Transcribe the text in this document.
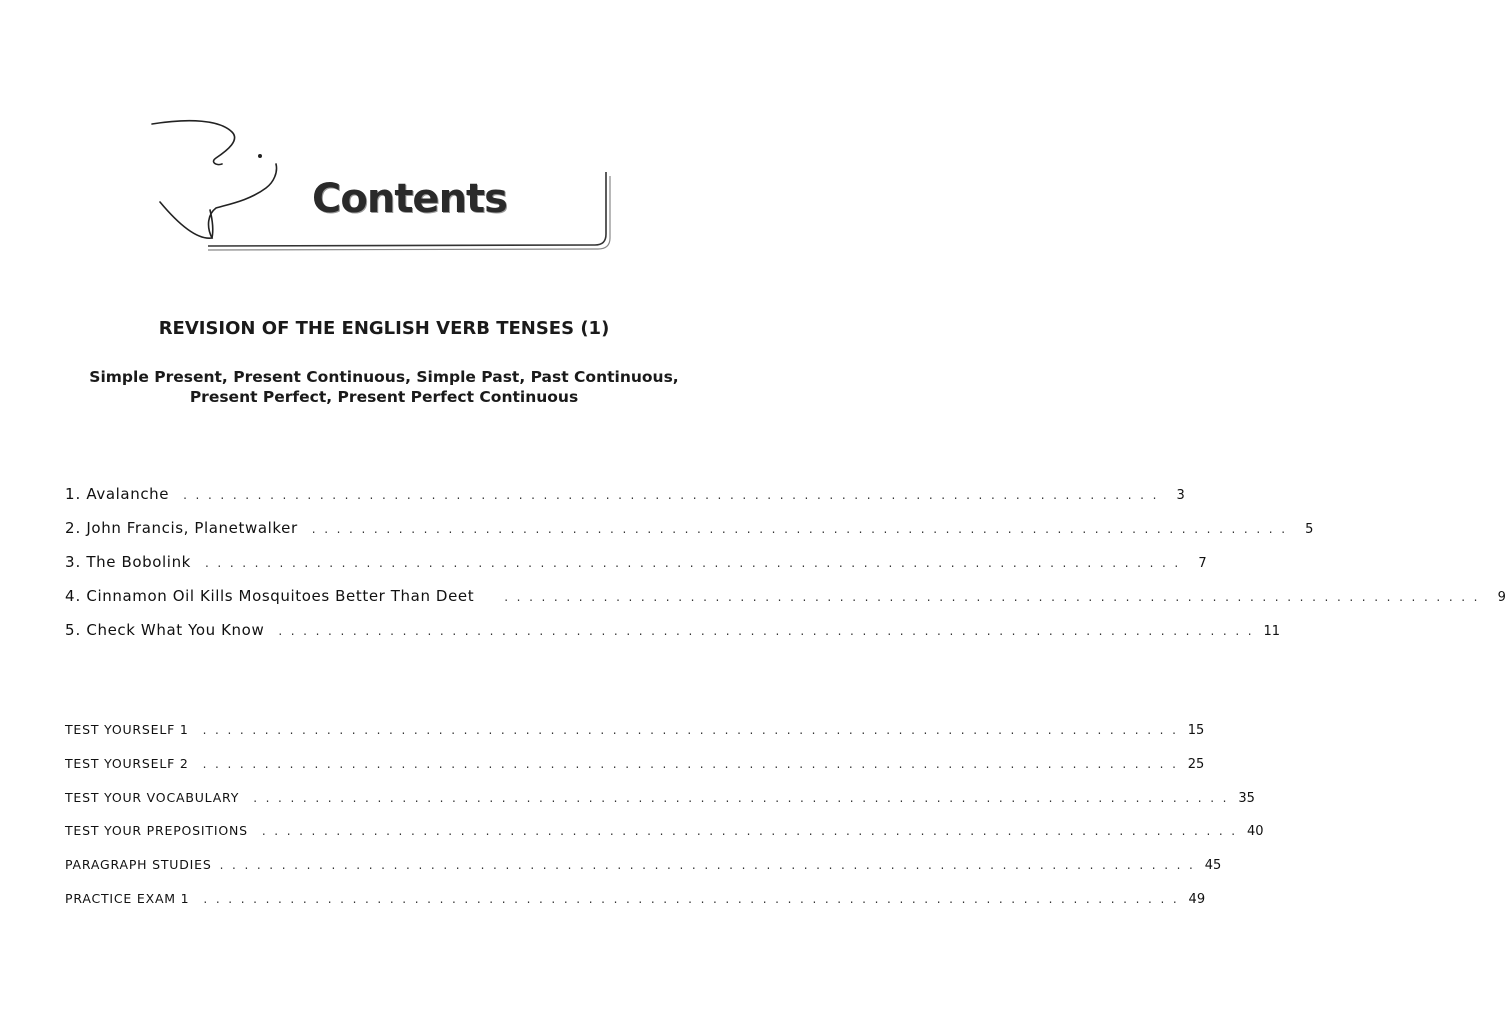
Contents
REVISION OF THE ENGLISH VERB TENSES (1)
Simple Present, Present Continuous, Simple Past, Past Continuous,
Present Perfect, Present Perfect Continuous
1.
Avalanche . . . . . . . . . . . . . . . . . . . . . . . . . . . . . . . . . . . . . . . . . . . . . . . . . . . . . . . . . . . . . . . . . . . . . . . . . . . . . . .	3
2.
John Francis, Planetwalker . . . . . . . . . . . . . . . . . . . . . . . . . . . . . . . . . . . . . . . . . . . . . . . . . . . . . . . . . . . . . . . . . . . . . . . . . . . . . . .	5
3.
The Bobolink . . . . . . . . . . . . . . . . . . . . . . . . . . . . . . . . . . . . . . . . . . . . . . . . . . . . . . . . . . . . . . . . . . . . . . . . . . . . . . .	7
4.
Cinnamon Oil Kills Mosquitoes Better Than Deet	. . . . . . . . . . . . . . . . . . . . . . . . . . . . . . . . . . . . . . . . . . . . . . . . . . . . . . . . . . . . . . . . . . . . . . . . . . . . . . .	9
5.
Check What You Know . . . . . . . . . . . . . . . . . . . . . . . . . . . . . . . . . . . . . . . . . . . . . . . . . . . . . . . . . . . . . . . . . . . . . . . . . . . . . . . 11
TEST YOURSELF 1 . . . . . . . . . . . . . . . . . . . . . . . . . . . . . . . . . . . . . . . . . . . . . . . . . . . . . . . . . . . . . . . . . . . . . . . . . . . . . . . 15
TEST YOURSELF 2 . . . . . . . . . . . . . . . . . . . . . . . . . . . . . . . . . . . . . . . . . . . . . . . . . . . . . . . . . . . . . . . . . . . . . . . . . . . . . . . 25
TEST YOUR VOCABULARY . . . . . . . . . . . . . . . . . . . . . . . . . . . . . . . . . . . . . . . . . . . . . . . . . . . . . . . . . . . . . . . . . . . . . . . . . . . . . . . 35
TEST YOUR PREPOSITIONS . . . . . . . . . . . . . . . . . . . . . . . . . . . . . . . . . . . . . . . . . . . . . . . . . . . . . . . . . . . . . . . . . . . . . . . . . . . . . . . 40
PARAGRAPH STUDIES . . . . . . . . . . . . . . . . . . . . . . . . . . . . . . . . . . . . . . . . . . . . . . . . . . . . . . . . . . . . . . . . . . . . . . . . . . . . . . . 45
PRACTICE EXAM 1 . . . . . . . . . . . . . . . . . . . . . . . . . . . . . . . . . . . . . . . . . . . . . . . . . . . . . . . . . . . . . . . . . . . . . . . . . . . . . . . 49
